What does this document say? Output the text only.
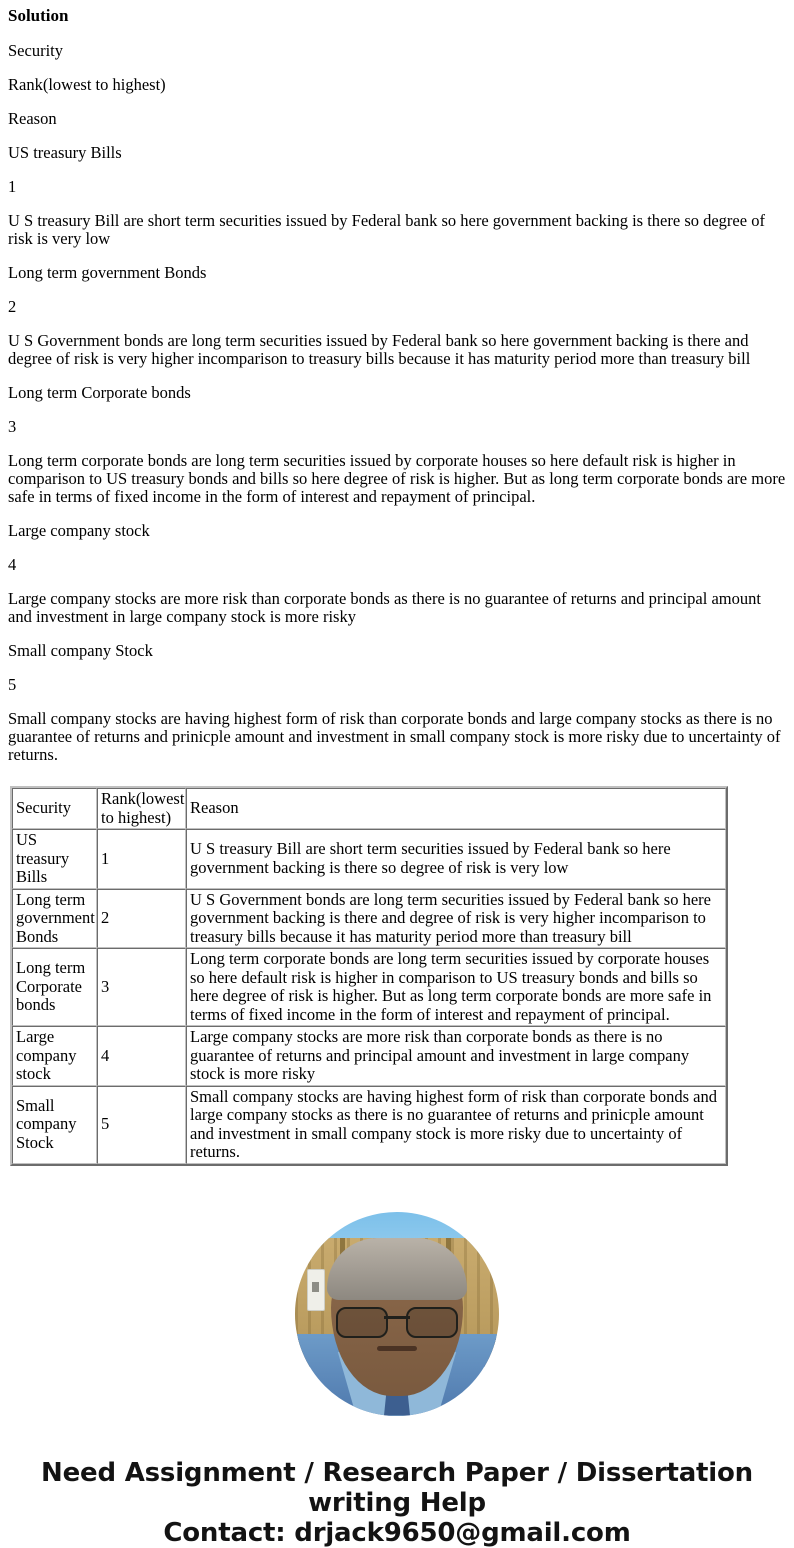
Solution

Security

Rank(lowest to highest)

Reason

US treasury Bills

1

U S treasury Bill are short term securities issued by Federal bank so here government backing is there so degree of risk is very low

Long term government Bonds

2

U S Government bonds are long term securities issued by Federal bank so here government backing is there and degree of risk is very higher incomparison to treasury bills because it has maturity period more than treasury bill

Long term Corporate bonds

3

Long term corporate bonds are long term securities issued by corporate houses so here default risk is higher in comparison to US treasury bonds and bills so here degree of risk is higher. But as long term corporate bonds are more safe in terms of fixed income in the form of interest and repayment of principal.

Large company stock

4

Large company stocks are more risk than corporate bonds as there is no guarantee of returns and principal amount and investment in large company stock is more risky

Small company Stock

5

Small company stocks are having highest form of risk than corporate bonds and large company stocks as there is no guarantee of returns and prinicple amount and investment in small company stock is more risky due to uncertainty of returns.

Security	Rank(lowest to highest)	Reason
US treasury Bills	1	U S treasury Bill are short term securities issued by Federal bank so here government backing is there so degree of risk is very low
Long term government Bonds	2	U S Government bonds are long term securities issued by Federal bank so here government backing is there and degree of risk is very higher incomparison to treasury bills because it has maturity period more than treasury bill
Long term Corporate bonds	3	Long term corporate bonds are long term securities issued by corporate houses so here default risk is higher in comparison to US treasury bonds and bills so here degree of risk is higher. But as long term corporate bonds are more safe in terms of fixed income in the form of interest and repayment of principal.
Large company stock	4	Large company stocks are more risk than corporate bonds as there is no guarantee of returns and principal amount and investment in large company stock is more risky
Small company Stock	5	Small company stocks are having highest form of risk than corporate bonds and large company stocks as there is no guarantee of returns and prinicple amount and investment in small company stock is more risky due to uncertainty of returns.
Need Assignment / Research Paper / Dissertation
writing Help
Contact: drjack9650@gmail.com
